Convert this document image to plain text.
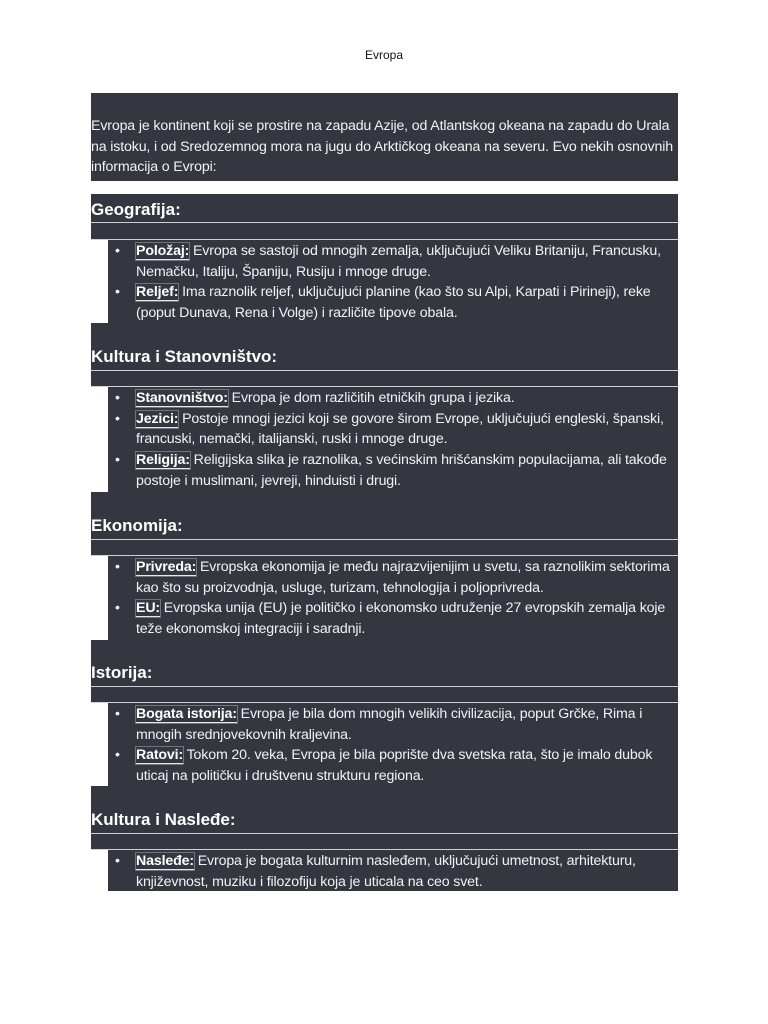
Evropa
Evropa je kontinent koji se prostire na zapadu Azije, od Atlantskog okeana na zapadu do Urala na istoku, i od Sredozemnog mora na jugu do Arktičkog okeana na severu. Evo nekih osnovnih informacija o Evropi:
Geografija:
• Položaj: Evropa se sastoji od mnogih zemalja, uključujući Veliku Britaniju, Francusku, Nemačku, Italiju, Španiju, Rusiju i mnoge druge.
• Reljef: Ima raznolik reljef, uključujući planine (kao što su Alpi, Karpati i Pirineji), reke (poput Dunava, Rena i Volge) i različite tipove obala.
Kultura i Stanovništvo:
• Stanovništvo: Evropa je dom različitih etničkih grupa i jezika.
• Jezici: Postoje mnogi jezici koji se govore širom Evrope, uključujući engleski, španski, francuski, nemački, italijanski, ruski i mnoge druge.
• Religija: Religijska slika je raznolika, s većinskim hrišćanskim populacijama, ali takođe postoje i muslimani, jevreji, hinduisti i drugi.
Ekonomija:
• Privreda: Evropska ekonomija je među najrazvijenijim u svetu, sa raznolikim sektorima kao što su proizvodnja, usluge, turizam, tehnologija i poljoprivreda.
• EU: Evropska unija (EU) je političko i ekonomsko udruženje 27 evropskih zemalja koje teže ekonomskoj integraciji i saradnji.
Istorija:
• Bogata istorija: Evropa je bila dom mnogih velikih civilizacija, poput Grčke, Rima i mnogih srednjovekovnih kraljevina.
• Ratovi: Tokom 20. veka, Evropa je bila poprište dva svetska rata, što je imalo dubok uticaj na političku i društvenu strukturu regiona.
Kultura i Nasleđe:
• Nasleđe: Evropa je bogata kulturnim nasleđem, uključujući umetnost, arhitekturu, književnost, muziku i filozofiju koja je uticala na ceo svet.
